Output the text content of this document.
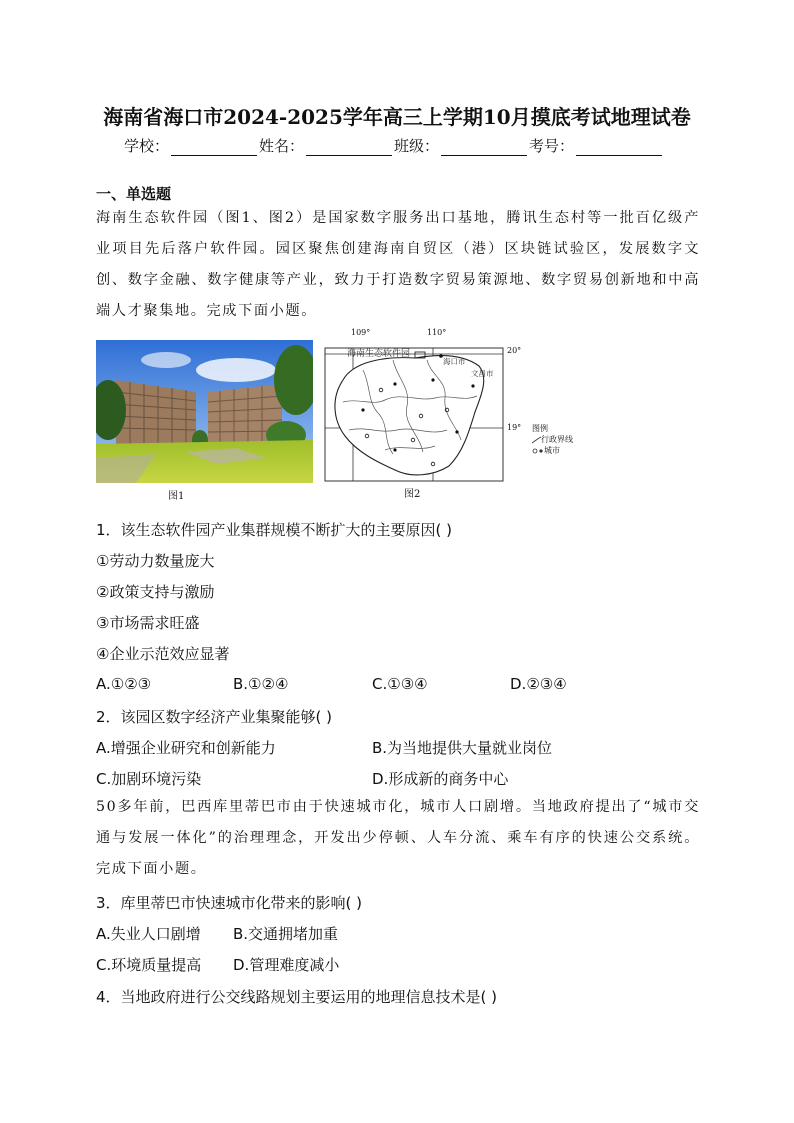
海南省海口市2024-2025学年高三上学期10月摸底考试地理试卷
学校：	姓名：	班级：	考号：
一、单选题
海南生态软件园（图1、图2）是国家数字服务出口基地，腾讯生态村等一批百亿级产业项目先后落户软件园。园区聚焦创建海南自贸区（港）区块链试验区，发展数字文创、数字金融、数字健康等产业，致力于打造数字贸易策源地、数字贸易创新地和中高端人才聚集地。完成下面小题。
图1
海南生态软件园
海口市
文昌市
109°	110°
20°
19° 图例
行政界线
城市
图2
1．该生态软件园产业集群规模不断扩大的主要原因( )
①劳动力数量庞大
②政策支持与激励
③市场需求旺盛
④企业示范效应显著
A.①②③	B.①②④	C.①③④	D.②③④
2．该园区数字经济产业集聚能够( )
A.增强企业研究和创新能力	B.为当地提供大量就业岗位
C.加剧环境污染	D.形成新的商务中心
50多年前，巴西库里蒂巴市由于快速城市化，城市人口剧增。当地政府提出了“城市交通与发展一体化”的治理理念，开发出少停顿、人车分流、乘车有序的快速公交系统。完成下面小题。
3．库里蒂巴市快速城市化带来的影响( )
A.失业人口剧增 B.交通拥堵加重
C.环境质量提高 D.管理难度减小
4．当地政府进行公交线路规划主要运用的地理信息技术是( )
